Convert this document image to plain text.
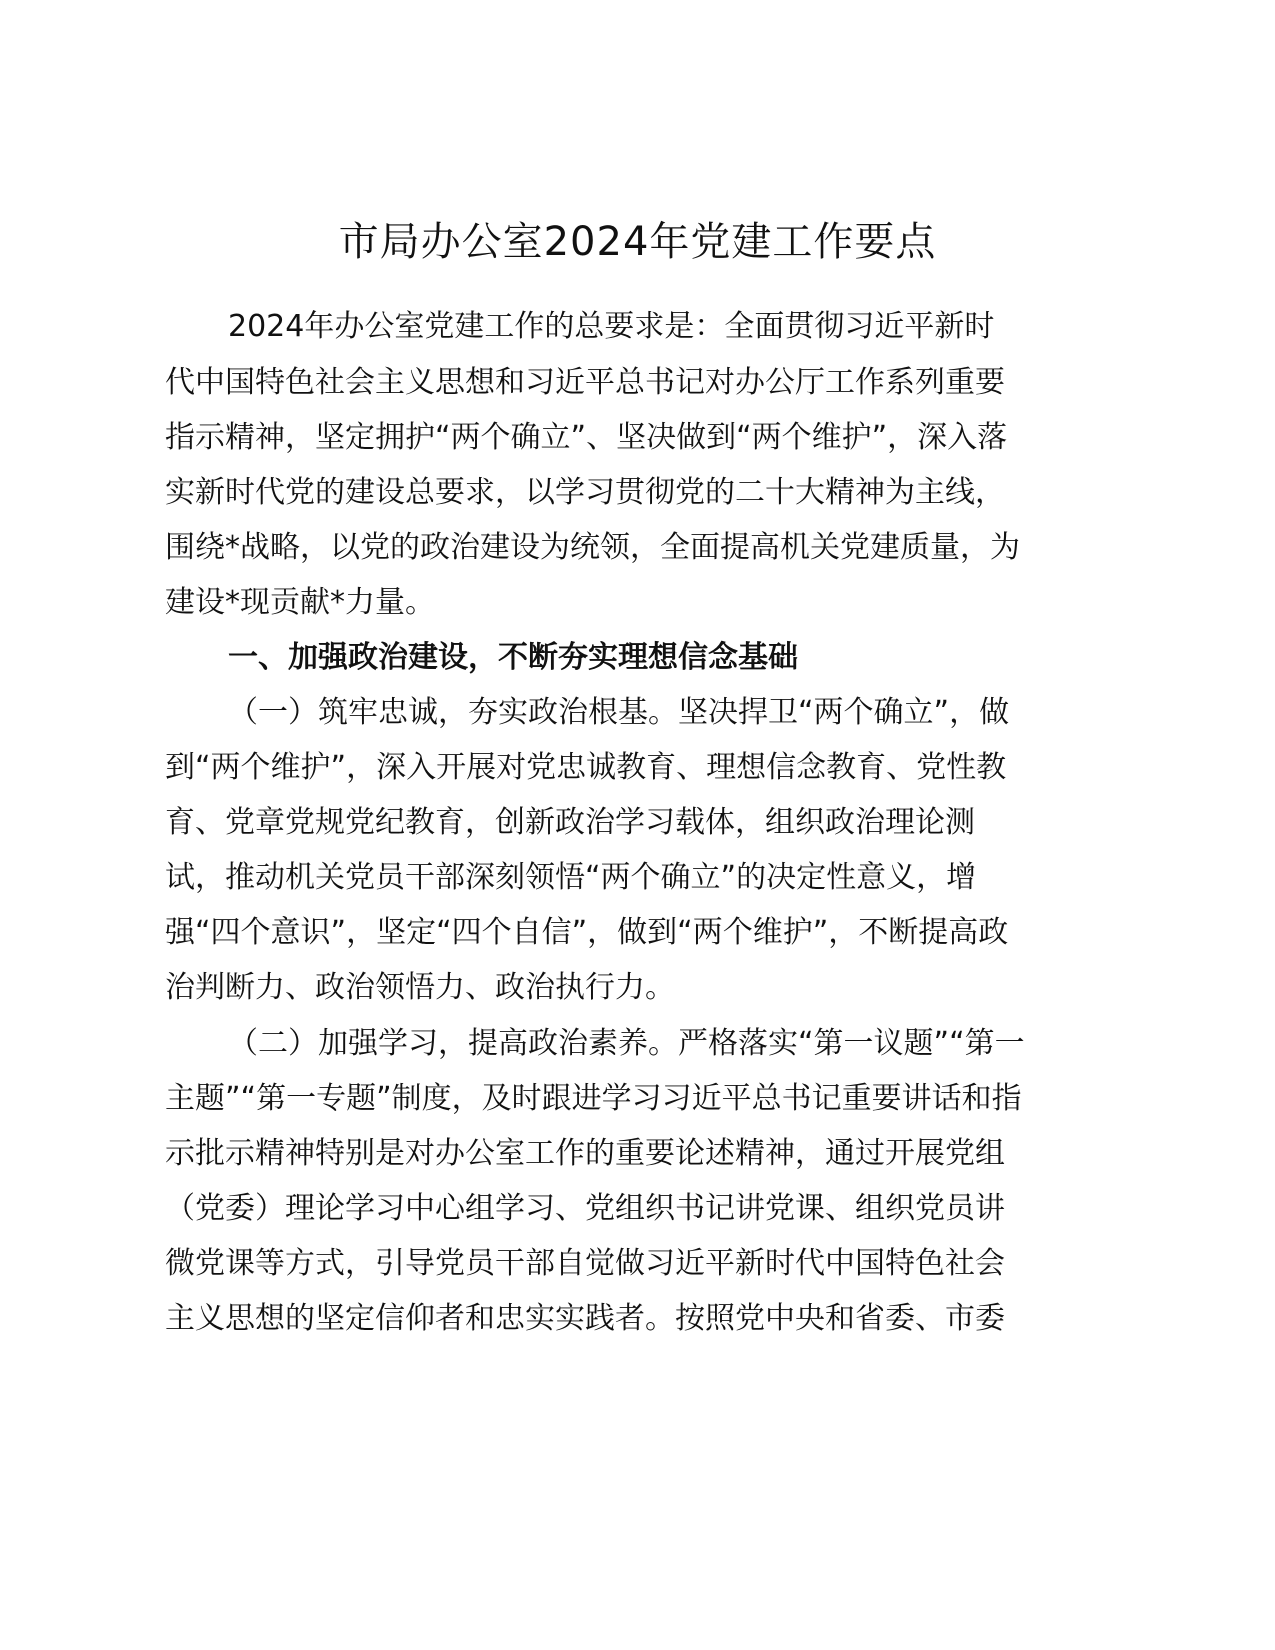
市局办公室2024年党建工作要点

2024年办公室党建工作的总要求是：全面贯彻习近平新时

代中国特色社会主义思想和习近平总书记对办公厅工作系列重要

指示精神，坚定拥护“两个确立”、坚决做到“两个维护”，深入落

实新时代党的建设总要求，以学习贯彻党的二十大精神为主线，

围绕*战略，以党的政治建设为统领，全面提高机关党建质量，为

建设*现贡献*力量。

一、加强政治建设，不断夯实理想信念基础

（一）筑牢忠诚，夯实政治根基。坚决捍卫“两个确立”，做

到“两个维护”，深入开展对党忠诚教育、理想信念教育、党性教

育、党章党规党纪教育，创新政治学习载体，组织政治理论测

试，推动机关党员干部深刻领悟“两个确立”的决定性意义，增

强“四个意识”，坚定“四个自信”，做到“两个维护”，不断提高政

治判断力、政治领悟力、政治执行力。

（二）加强学习，提高政治素养。严格落实“第一议题”“第一

主题”“第一专题”制度，及时跟进学习习近平总书记重要讲话和指

示批示精神特别是对办公室工作的重要论述精神，通过开展党组

（党委）理论学习中心组学习、党组织书记讲党课、组织党员讲

微党课等方式，引导党员干部自觉做习近平新时代中国特色社会

主义思想的坚定信仰者和忠实实践者。按照党中央和省委、市委
